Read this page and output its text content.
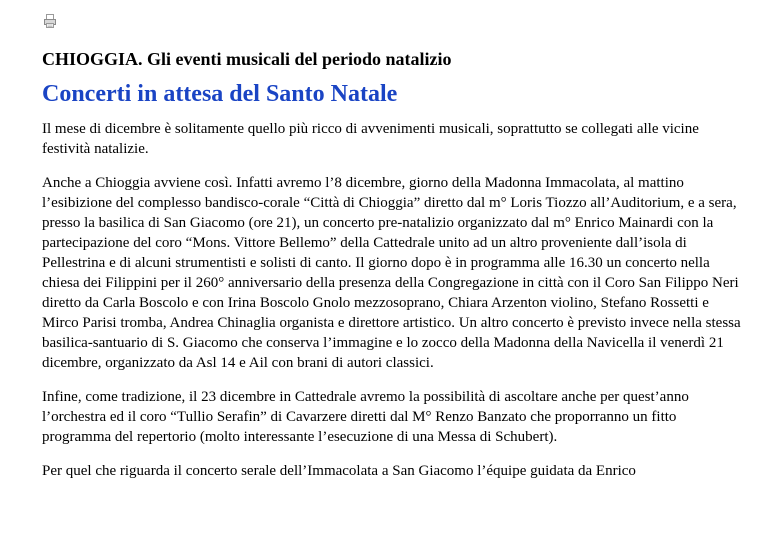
CHIOGGIA. Gli eventi musicali del periodo natalizio
Concerti in attesa del Santo Natale

Il mese di dicembre è solitamente quello più ricco di avvenimenti musicali, soprattutto se collegati alle vicine festività natalizie.

Anche a Chioggia avviene così. Infatti avremo l’8 dicembre, giorno della Madonna Immacolata, al mattino l’esibizione del complesso bandisco-corale “Città di Chioggia” diretto dal m° Loris Tiozzo all’Auditorium, e a sera, presso la basilica di San Giacomo (ore 21), un concerto pre-natalizio organizzato dal m° Enrico Mainardi con la partecipazione del coro “Mons. Vittore Bellemo” della Cattedrale unito ad un altro proveniente dall’isola di Pellestrina e di alcuni strumentisti e solisti di canto. Il giorno dopo è in programma alle 16.30 un concerto nella chiesa dei Filippini per il 260° anniversario della presenza della Congregazione in città con il Coro San Filippo Neri diretto da Carla Boscolo e con Irina Boscolo Gnolo mezzosoprano, Chiara Arzenton violino, Stefano Rossetti e Mirco Parisi tromba, Andrea Chinaglia organista e direttore artistico. Un altro concerto è previsto invece nella stessa basilica-santuario di S. Giacomo che conserva l’immagine e lo zocco della Madonna della Navicella il venerdì 21 dicembre, organizzato da Asl 14 e Ail con brani di autori classici.

Infine, come tradizione, il 23 dicembre in Cattedrale avremo la possibilità di ascoltare anche per quest’anno l’orchestra ed il coro “Tullio Serafin” di Cavarzere diretti dal M° Renzo Banzato che proporranno un fitto programma del repertorio (molto interessante l’esecuzione di una Messa di Schubert).

Per quel che riguarda il concerto serale dell’Immacolata a San Giacomo l’équipe guidata da Enrico
